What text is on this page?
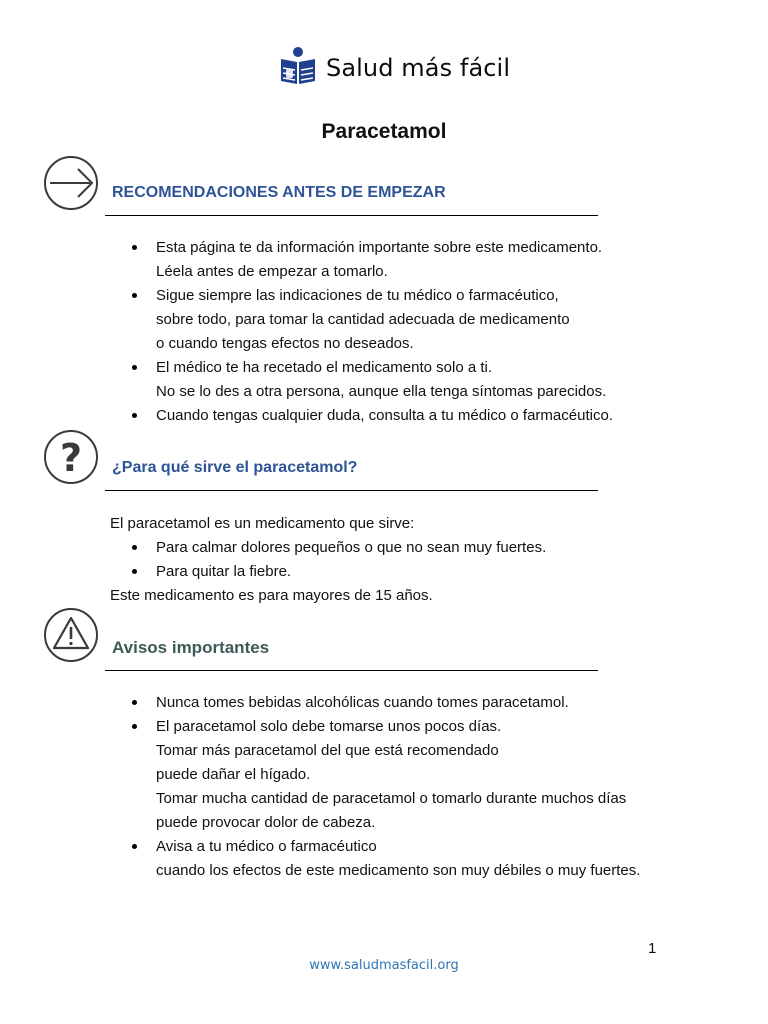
Salud más fácil
Paracetamol
RECOMENDACIONES ANTES DE EMPEZAR
Esta página te da información importante sobre este medicamento.
Léela antes de empezar a tomarlo.
Sigue siempre las indicaciones de tu médico o farmacéutico,
sobre todo, para tomar la cantidad adecuada de medicamento
o cuando tengas efectos no deseados.
El médico te ha recetado el medicamento solo a ti.
No se lo des a otra persona, aunque ella tenga síntomas parecidos.
Cuando tengas cualquier duda, consulta a tu médico o farmacéutico.
? ¿Para qué sirve el paracetamol?

El paracetamol es un medicamento que sirve:

Para calmar dolores pequeños o que no sean muy fuertes.
Para quitar la fiebre.

Este medicamento es para mayores de 15 años.

Avisos importantes
Nunca tomes bebidas alcohólicas cuando tomes paracetamol.
El paracetamol solo debe tomarse unos pocos días.
Tomar más paracetamol del que está recomendado
puede dañar el hígado.
Tomar mucha cantidad de paracetamol o tomarlo durante muchos días
puede provocar dolor de cabeza.
Avisa a tu médico o farmacéutico
cuando los efectos de este medicamento son muy débiles o muy fuertes.
1
www.saludmasfacil.org
